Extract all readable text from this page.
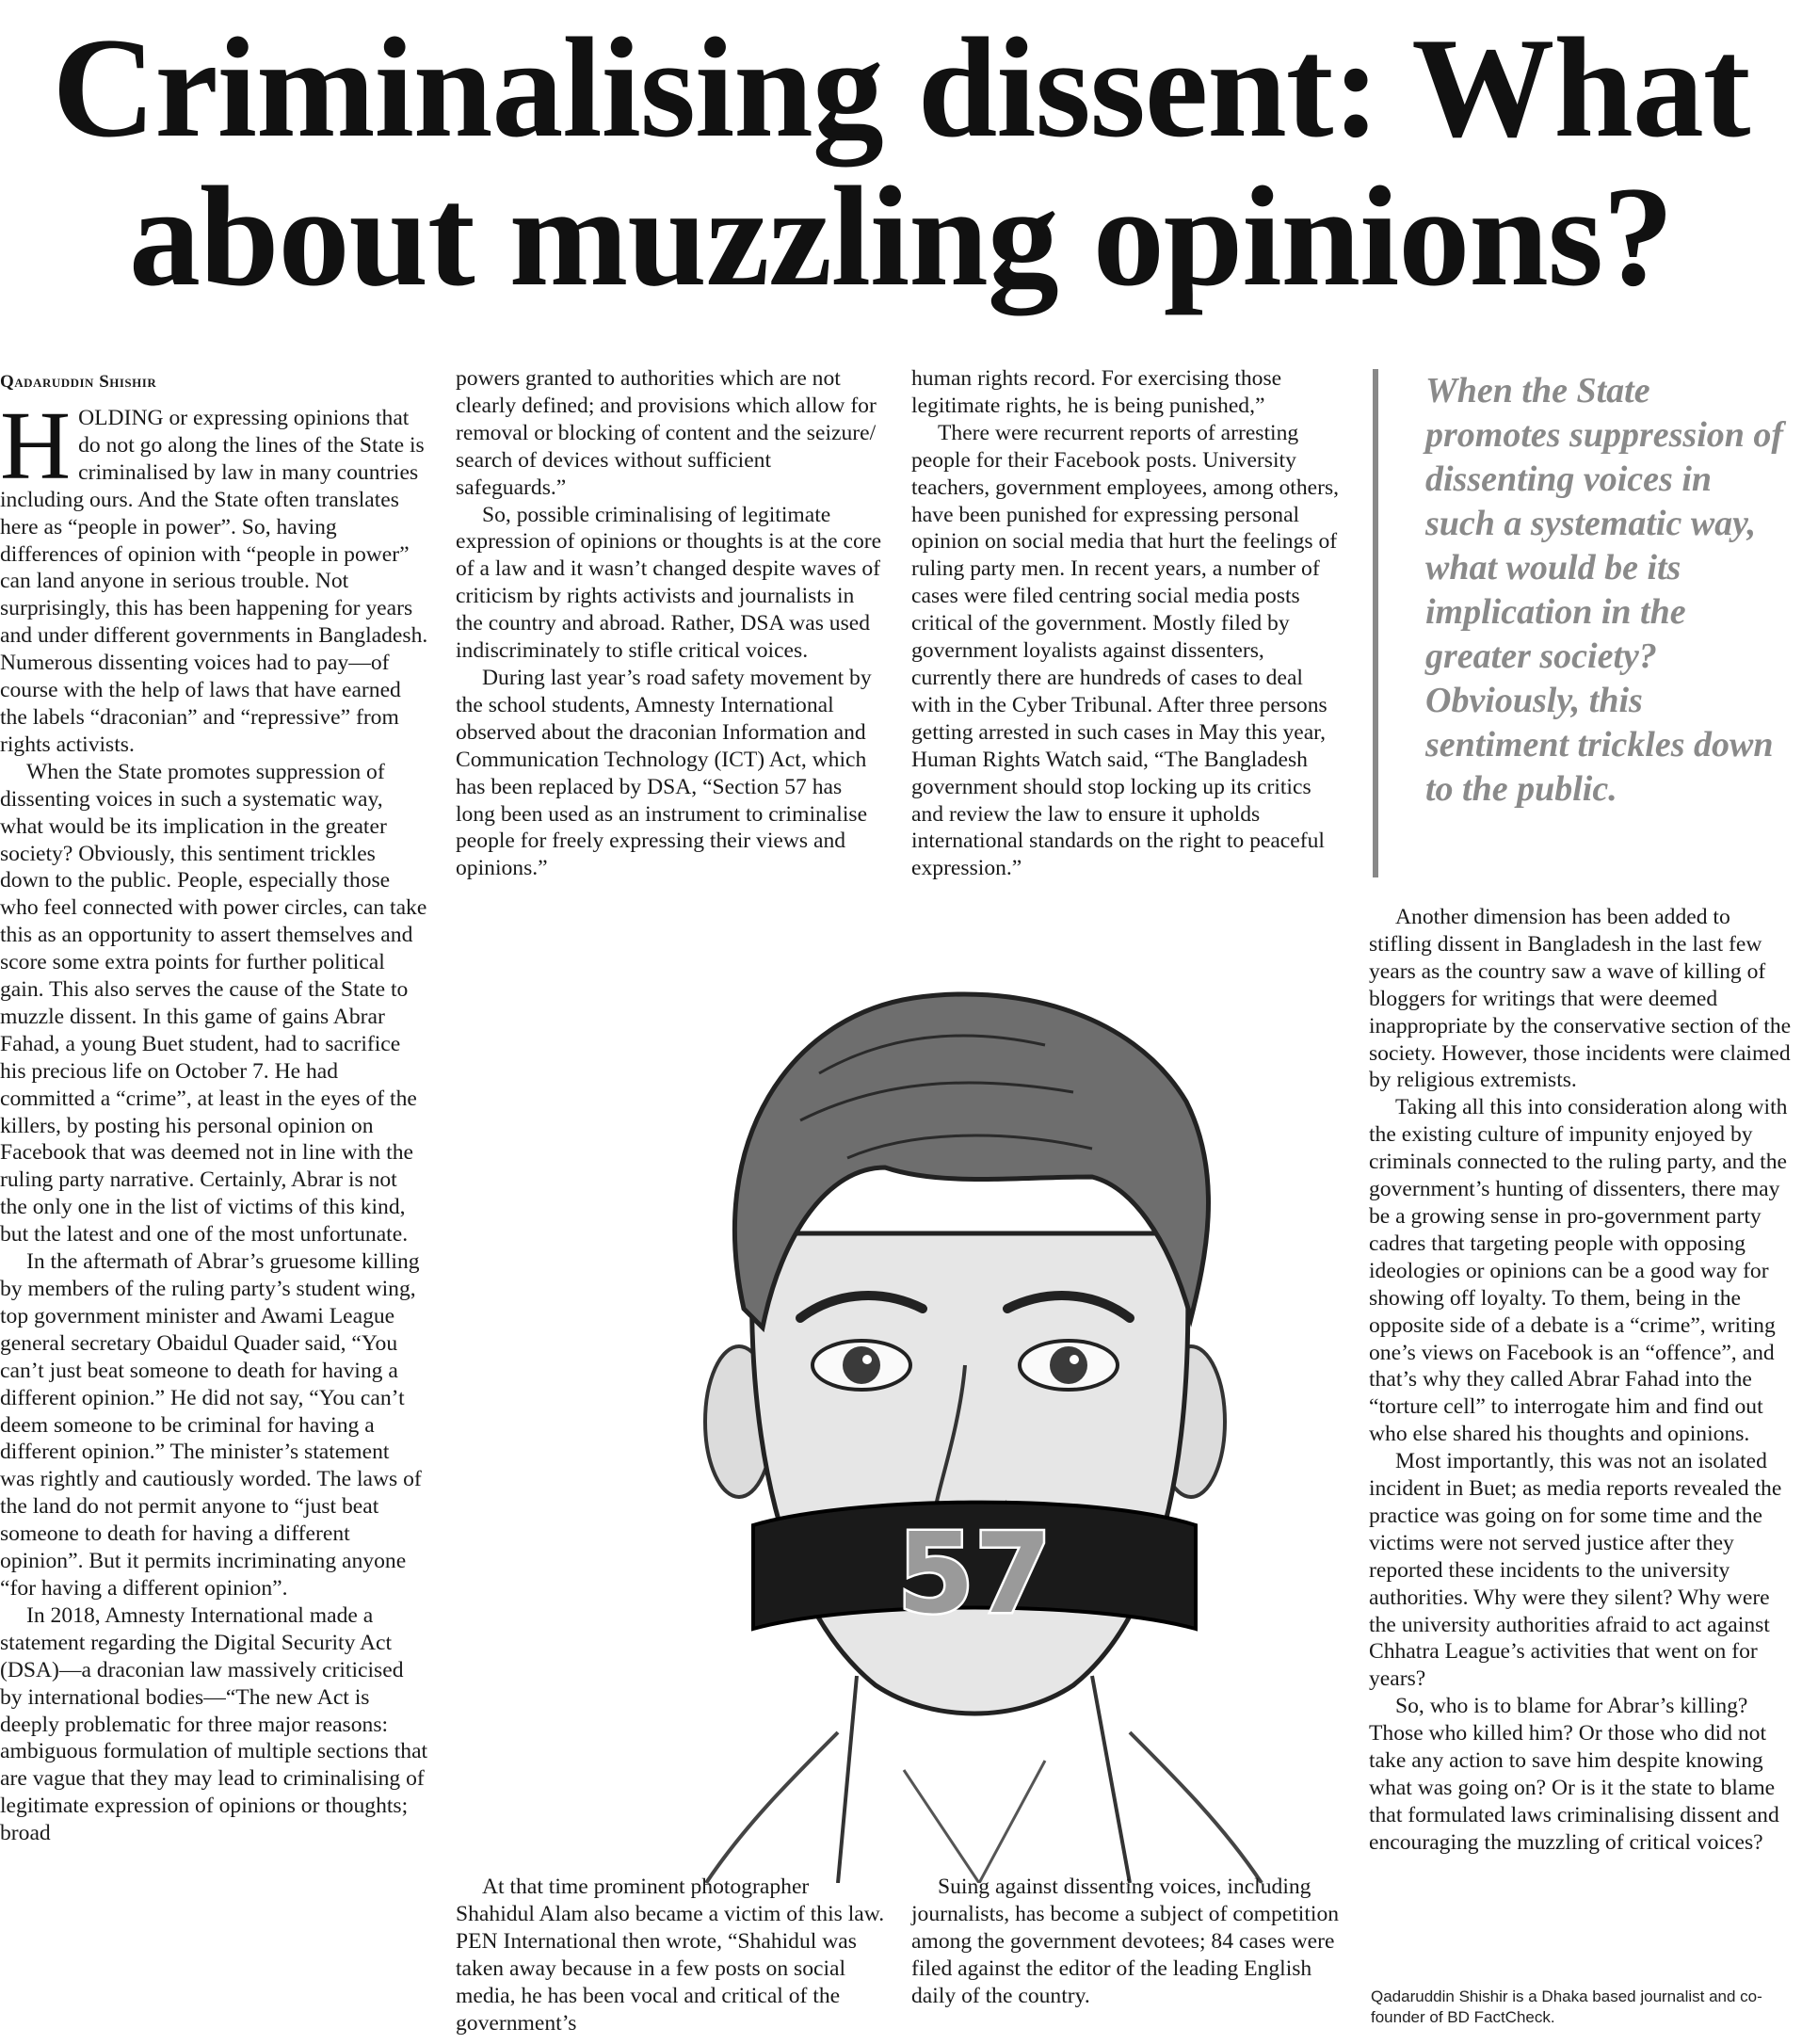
Criminalising dissent: What about muzzling opinions?
Qadaruddin Shishir

HOLDING or expressing opinions that do not go along the lines of the State is criminalised by law in many countries including ours. And the State often translates here as “people in power”. So, having differences of opinion with “people in power” can land anyone in serious trouble. Not surprisingly, this has been happening for years and under different governments in Bangladesh. Numerous dissenting voices had to pay—of course with the help of laws that have earned the labels “draconian” and “repressive” from rights activists.

When the State promotes suppression of dissenting voices in such a systematic way, what would be its implication in the greater society? Obviously, this sentiment trickles down to the public. People, especially those who feel connected with power circles, can take this as an opportunity to assert themselves and score some extra points for further political gain. This also serves the cause of the State to muzzle dissent. In this game of gains Abrar Fahad, a young Buet student, had to sacrifice his precious life on October 7. He had committed a “crime”, at least in the eyes of the killers, by posting his personal opinion on Facebook that was deemed not in line with the ruling party narrative. Certainly, Abrar is not the only one in the list of victims of this kind, but the latest and one of the most unfortunate.

In the aftermath of Abrar’s gruesome killing by members of the ruling party’s student wing, top government minister and Awami League general secretary Obaidul Quader said, “You can’t just beat someone to death for having a different opinion.” He did not say, “You can’t deem someone to be criminal for having a different opinion.” The minister’s statement was rightly and cautiously worded. The laws of the land do not permit anyone to “just beat someone to death for having a different opinion”. But it permits incriminating anyone “for having a different opinion”.

In 2018, Amnesty International made a statement regarding the Digital Security Act (DSA)—a draconian law massively criticised by international bodies—“The new Act is deeply problematic for three major reasons: ambiguous formulation of multiple sections that are vague that they may lead to criminalising of legitimate expression of opinions or thoughts; broad

powers granted to authorities which are not clearly defined; and provisions which allow for removal or blocking of content and the seizure/ search of devices without sufficient safeguards.”

So, possible criminalising of legitimate expression of opinions or thoughts is at the core of a law and it wasn’t changed despite waves of criticism by rights activists and journalists in the country and abroad. Rather, DSA was used indiscriminately to stifle critical voices.

During last year’s road safety movement by the school students, Amnesty International observed about the draconian Information and Communication Technology (ICT) Act, which has been replaced by DSA, “Section 57 has long been used as an instrument to criminalise people for freely expressing their views and opinions.”

human rights record. For exercising those legitimate rights, he is being punished,”

There were recurrent reports of arresting people for their Facebook posts. University teachers, government employees, among others, have been punished for expressing personal opinion on social media that hurt the feelings of ruling party men. In recent years, a number of cases were filed centring social media posts critical of the government. Mostly filed by government loyalists against dissenters, currently there are hundreds of cases to deal with in the Cyber Tribunal. After three persons getting arrested in such cases in May this year, Human Rights Watch said, “The Bangladesh government should stop locking up its critics and review the law to ensure it upholds international standards on the right to peaceful expression.”

When the State promotes suppression of dissenting voices in such a systematic way, what would be its implication in the greater society? Obviously, this sentiment trickles down to the public.

Another dimension has been added to stifling dissent in Bangladesh in the last few years as the country saw a wave of killing of bloggers for writings that were deemed inappropriate by the conservative section of the society. However, those incidents were claimed by religious extremists.

Taking all this into consideration along with the existing culture of impunity enjoyed by criminals connected to the ruling party, and the government’s hunting of dissenters, there may be a growing sense in pro-government party cadres that targeting people with opposing ideologies or opinions can be a good way for showing off loyalty. To them, being in the opposite side of a debate is a “crime”, writing one’s views on Facebook is an “offence”, and that’s why they called Abrar Fahad into the “torture cell” to interrogate him and find out who else shared his thoughts and opinions.

Most importantly, this was not an isolated incident in Buet; as media reports revealed the practice was going on for some time and the victims were not served justice after they reported these incidents to the university authorities. Why were they silent? Why were the university authorities afraid to act against Chhatra League’s activities that went on for years?

So, who is to blame for Abrar’s killing? Those who killed him? Or those who did not take any action to save him despite knowing what was going on? Or is it the state to blame that formulated laws criminalising dissent and encouraging the muzzling of critical voices?

57

At that time prominent photographer Shahidul Alam also became a victim of this law. PEN International then wrote, “Shahidul was taken away because in a few posts on social media, he has been vocal and critical of the government’s

Suing against dissenting voices, including journalists, has become a subject of competition among the government devotees; 84 cases were filed against the editor of the leading English daily of the country.	Qadaruddin Shishir is a Dhaka based journalist and co-founder of BD FactCheck.
